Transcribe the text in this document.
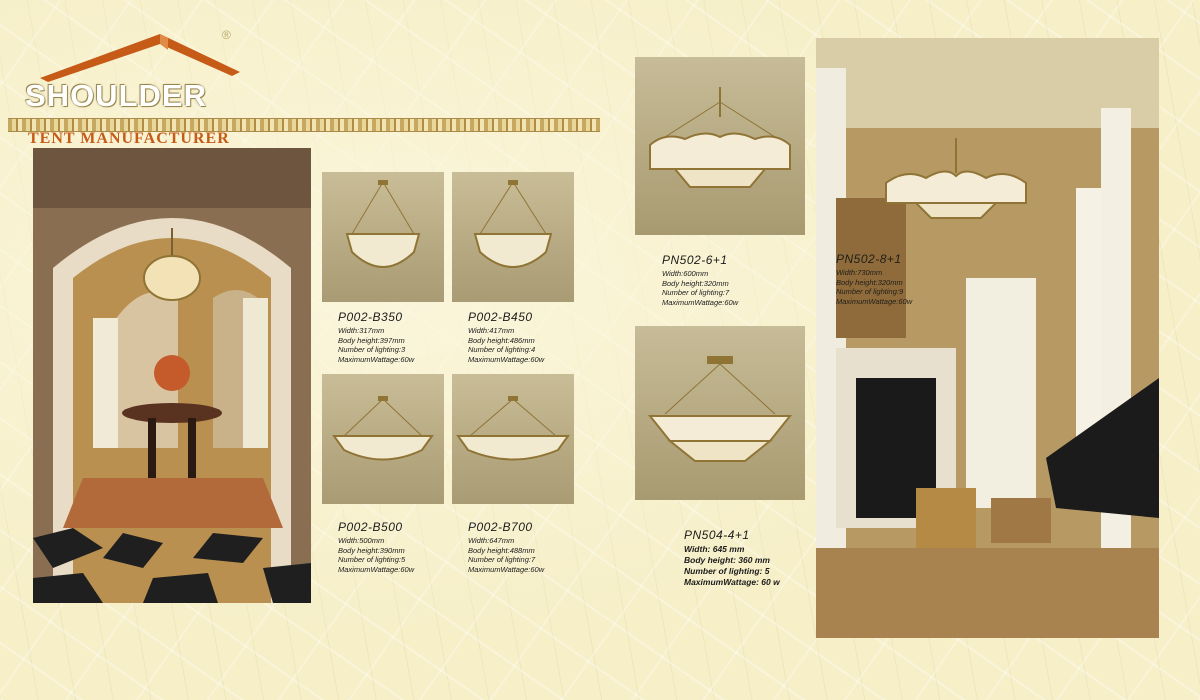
®
SHOULDER
TENT MANUFACTURER
P002-B350
Width:317mm
Body height:397mm
Number of lighting:3
MaximumWattage:60w
P002-B450
Width:417mm
Body height:486mm
Number of lighting:4
MaximumWattage:60w
P002-B500
Width:500mm
Body height:390mm
Number of lighting:5
MaximumWattage:60w
P002-B700
Width:647mm
Body height:488mm
Number of lighting:7
MaximumWattage:60w
PN502-6+1
Width:600mm
Body height:320mm
Number of lighting:7
MaximumWattage:60w
PN504-4+1
Width: 645 mm
Body height: 360 mm
Number of lighting: 5
MaximumWattage: 60 w
PN502-8+1
Width:730mm
Body height:320mm
Number of lighting:9
MaximumWattage:60w
